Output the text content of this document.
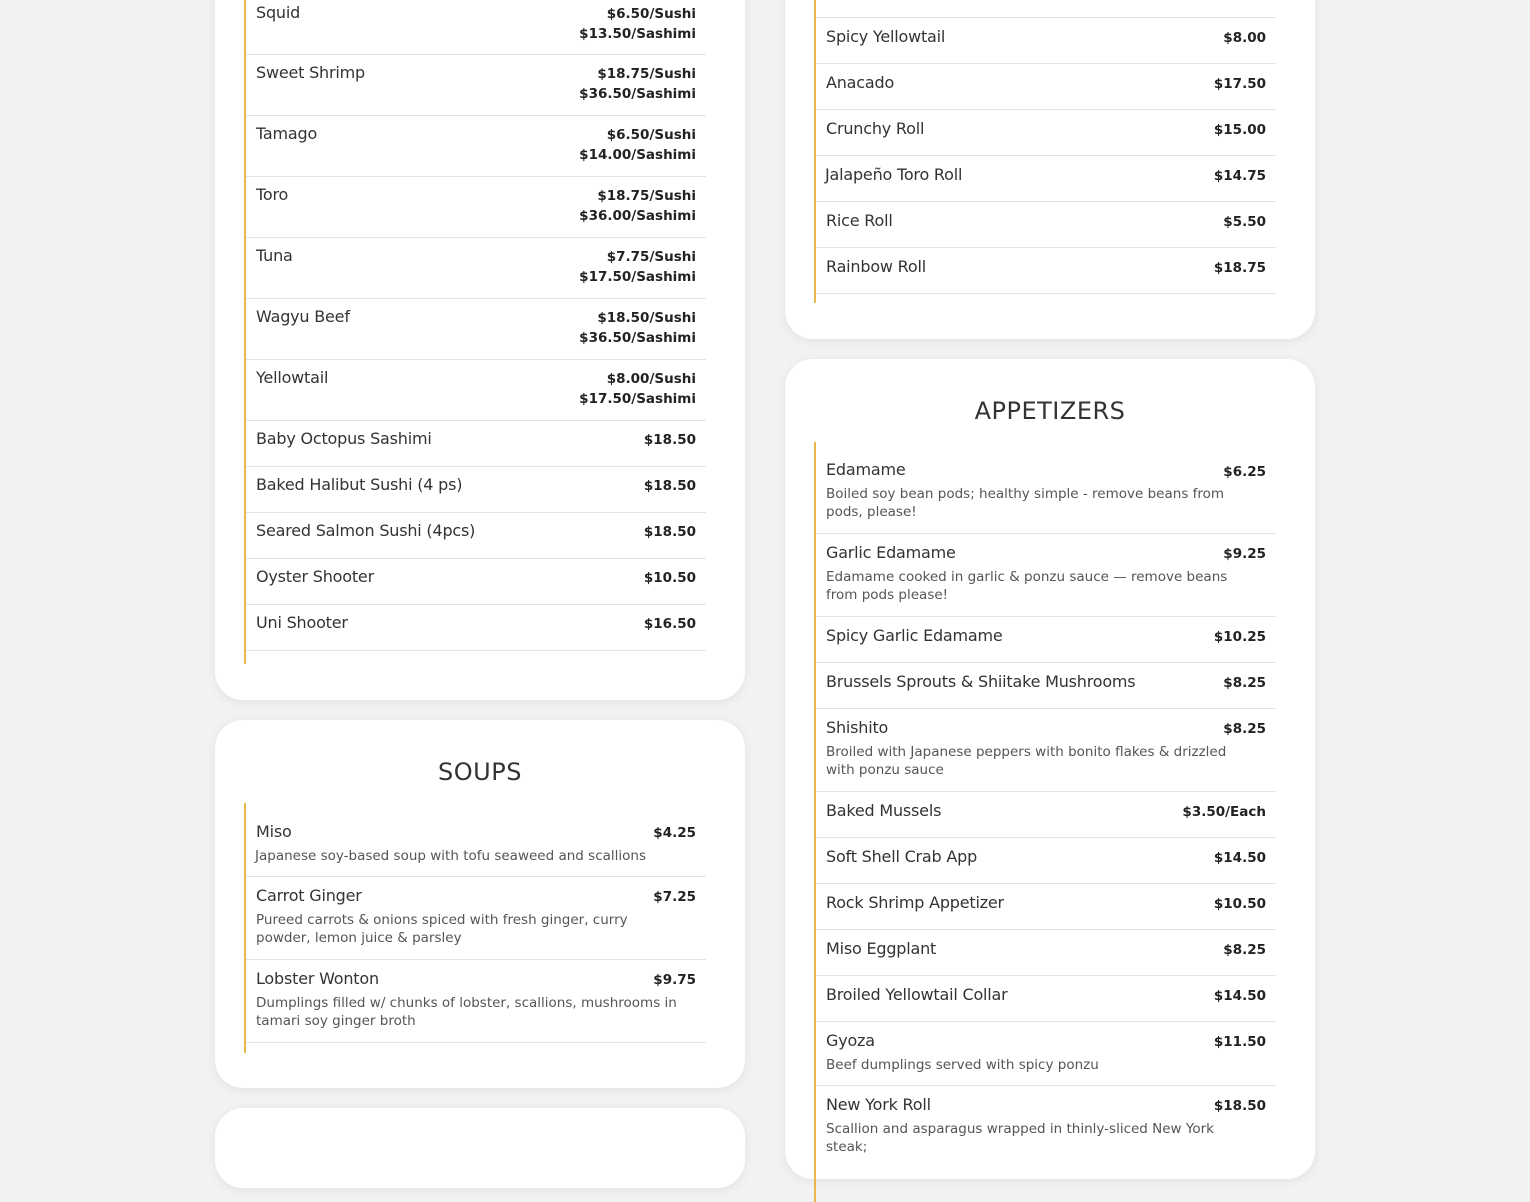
Squid	$6.50/Sushi
$13.50/Sashimi
Sweet Shrimp	$18.75/Sushi
$36.50/Sashimi
Tamago	$6.50/Sushi
$14.00/Sashimi
Toro	$18.75/Sushi
$36.00/Sashimi
Tuna	$7.75/Sushi
$17.50/Sashimi
Wagyu Beef	$18.50/Sushi
$36.50/Sashimi
Yellowtail	$8.00/Sushi
$17.50/Sashimi
Baby Octopus Sashimi	$18.50
Baked Halibut Sushi (4 ps)	$18.50
Seared Salmon Sushi (4pcs)	$18.50
Oyster Shooter	$10.50
Uni Shooter	$16.50
SOUPS
Miso	$4.25
Japanese soy-based soup with tofu seaweed and scallions
Carrot Ginger	$7.25
Pureed carrots & onions spiced with fresh ginger, curry powder, lemon juice & parsley
Lobster Wonton	$9.75
Dumplings filled w/ chunks of lobster, scallions, mushrooms in tamari soy ginger broth
Spicy Yellowtail	$8.00
Anacado	$17.50
Crunchy Roll	$15.00
Jalapeño Toro Roll	$14.75
Rice Roll	$5.50
Rainbow Roll	$18.75
APPETIZERS
Edamame	$6.25
Boiled soy bean pods; healthy simple - remove beans from pods, please!
Garlic Edamame	$9.25
Edamame cooked in garlic & ponzu sauce — remove beans from pods please!
Spicy Garlic Edamame	$10.25
Brussels Sprouts & Shiitake Mushrooms	$8.25
Shishito	$8.25
Broiled with Japanese peppers with bonito flakes & drizzled with ponzu sauce
Baked Mussels	$3.50/Each
Soft Shell Crab App	$14.50
Rock Shrimp Appetizer	$10.50
Miso Eggplant	$8.25
Broiled Yellowtail Collar	$14.50
Gyoza	$11.50
Beef dumplings served with spicy ponzu
New York Roll	$18.50
Scallion and asparagus wrapped in thinly-sliced New York steak;
